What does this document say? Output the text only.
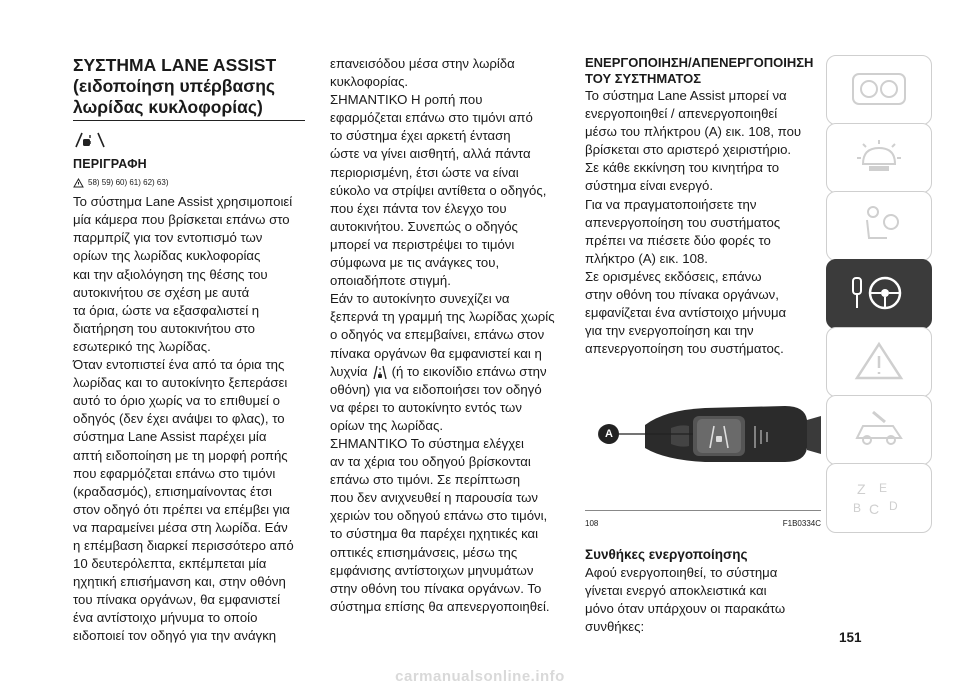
ΣΥΣΤΗΜΑ LANE ASSIST
(ειδοποίηση υπέρβασης
λωρίδας κυκλοφορίας)
ΠΕΡΙΓΡΑΦΗ
58) 59) 60) 61) 62) 63)

Το σύστημα Lane Assist χρησιμοποιεί

μία κάμερα που βρίσκεται επάνω στο

παρμπρίζ για τον εντοπισμό των

ορίων της λωρίδας κυκλοφορίας

και την αξιολόγηση της θέσης του

αυτοκινήτου σε σχέση με αυτά

τα όρια, ώστε να εξασφαλιστεί η

διατήρηση του αυτοκινήτου στο

εσωτερικό της λωρίδας.

Όταν εντοπιστεί ένα από τα όρια της

λωρίδας και το αυτοκίνητο ξεπεράσει

αυτό το όριο χωρίς να το επιθυμεί ο

οδηγός (δεν έχει ανάψει το φλας), το

σύστημα Lane Assist παρέχει μία

απτή ειδοποίηση με τη μορφή ροπής

που εφαρμόζεται επάνω στο τιμόνι

(κραδασμός), επισημαίνοντας έτσι

στον οδηγό ότι πρέπει να επέμβει για

να παραμείνει μέσα στη λωρίδα. Εάν

η επέμβαση διαρκεί περισσότερο από

10 δευτερόλεπτα, εκπέμπεται μία

ηχητική επισήμανση και, στην οθόνη

του πίνακα οργάνων, θα εμφανιστεί

ένα αντίστοιχο μήνυμα το οποίο

ειδοποιεί τον οδηγό για την ανάγκη

επανεισόδου μέσα στην λωρίδα

κυκλοφορίας.

ΣΗΜΑΝΤΙΚΟ Η ροπή που

εφαρμόζεται επάνω στο τιμόνι από

το σύστημα έχει αρκετή ένταση

ώστε να γίνει αισθητή, αλλά πάντα

περιορισμένη, έτσι ώστε να είναι

εύκολο να στρίψει αντίθετα ο οδηγός,

που έχει πάντα τον έλεγχο του

αυτοκινήτου. Συνεπώς ο οδηγός

μπορεί να περιστρέψει το τιμόνι

σύμφωνα με τις ανάγκες του,

οποιαδήποτε στιγμή.

Εάν το αυτοκίνητο συνεχίζει να

ξεπερνά τη γραμμή της λωρίδας χωρίς

ο οδηγός να επεμβαίνει, επάνω στον

πίνακα οργάνων θα εμφανιστεί και η

λυχνία (ή το εικονίδιο επάνω στην

οθόνη) για να ειδοποιήσει τον οδηγό

να φέρει το αυτοκίνητο εντός των

ορίων της λωρίδας.

ΣΗΜΑΝΤΙΚΟ Το σύστημα ελέγχει

αν τα χέρια του οδηγού βρίσκονται

επάνω στο τιμόνι. Σε περίπτωση

που δεν ανιχνευθεί η παρουσία των

χεριών του οδηγού επάνω στο τιμόνι,

το σύστημα θα παρέχει ηχητικές και

οπτικές επισημάνσεις, μέσω της

εμφάνισης αντίστοιχων μηνυμάτων

στην οθόνη του πίνακα οργάνων. Το

σύστημα επίσης θα απενεργοποιηθεί.

ΕΝΕΡΓΟΠΟΙΗΣΗ/ΑΠΕΝΕΡΓΟΠΟΙΗΣΗ
ΤΟΥ ΣΥΣΤΗΜΑΤΟΣ

Το σύστημα Lane Assist μπορεί να

ενεργοποιηθεί / απενεργοποιηθεί

μέσω του πλήκτρου (A) εικ. 108, που

βρίσκεται στο αριστερό χειριστήριο.

Σε κάθε εκκίνηση του κινητήρα το

σύστημα είναι ενεργό.

Για να πραγματοποιήσετε την

απενεργοποίηση του συστήματος

πρέπει να πιέσετε δύο φορές το

πλήκτρο (A) εικ. 108.

Σε ορισμένες εκδόσεις, επάνω

στην οθόνη του πίνακα οργάνων,

εμφανίζεται ένα αντίστοιχο μήνυμα

για την ενεργοποίηση και την

απενεργοποίηση του συστήματος.

A
108	F1B0334C
Συνθήκες ενεργοποίησης

Αφού ενεργοποιηθεί, το σύστημα

γίνεται ενεργό αποκλειστικά και

μόνο όταν υπάρχουν οι παρακάτω

συνθήκες:

Z E
B C D
151
carmanualsonline.info
